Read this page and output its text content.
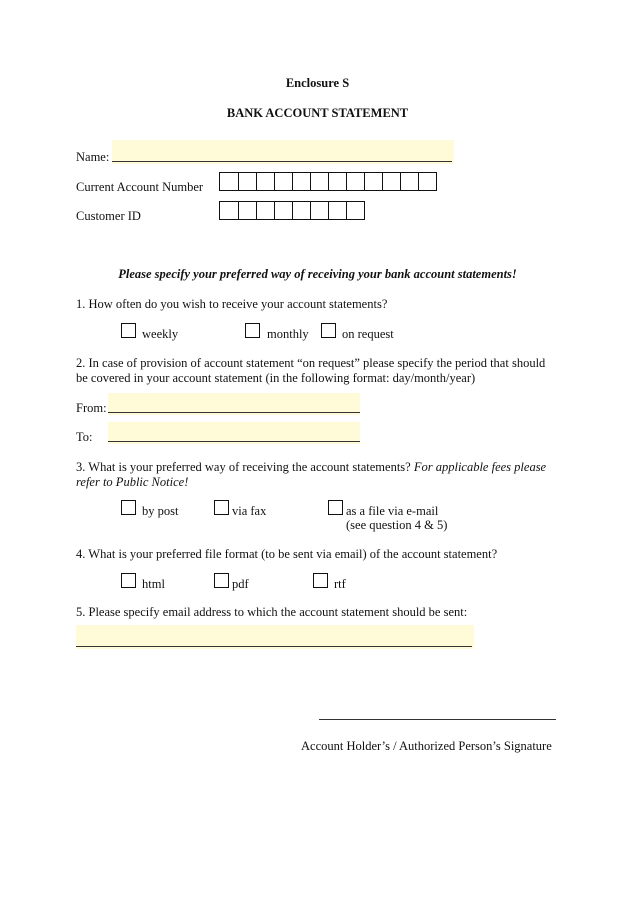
Enclosure S
BANK ACCOUNT STATEMENT
Name:
Current Account Number
Customer ID
Please specify your preferred way of receiving your bank account statements!
1. How often do you wish to receive your account statements?
weekly	monthly	on request
2. In case of provision of account statement “on request” please specify the period that should
be covered in your account statement (in the following format: day/month/year)
From:
To:
3. What is your preferred way of receiving the account statements? For applicable fees please
refer to Public Notice!
by post	via fax	as a file via e-mail
(see question 4 & 5)
4. What is your preferred file format (to be sent via email) of the account statement?
html	pdf	rtf
5. Please specify email address to which the account statement should be sent:
Account Holder’s / Authorized Person’s Signature
